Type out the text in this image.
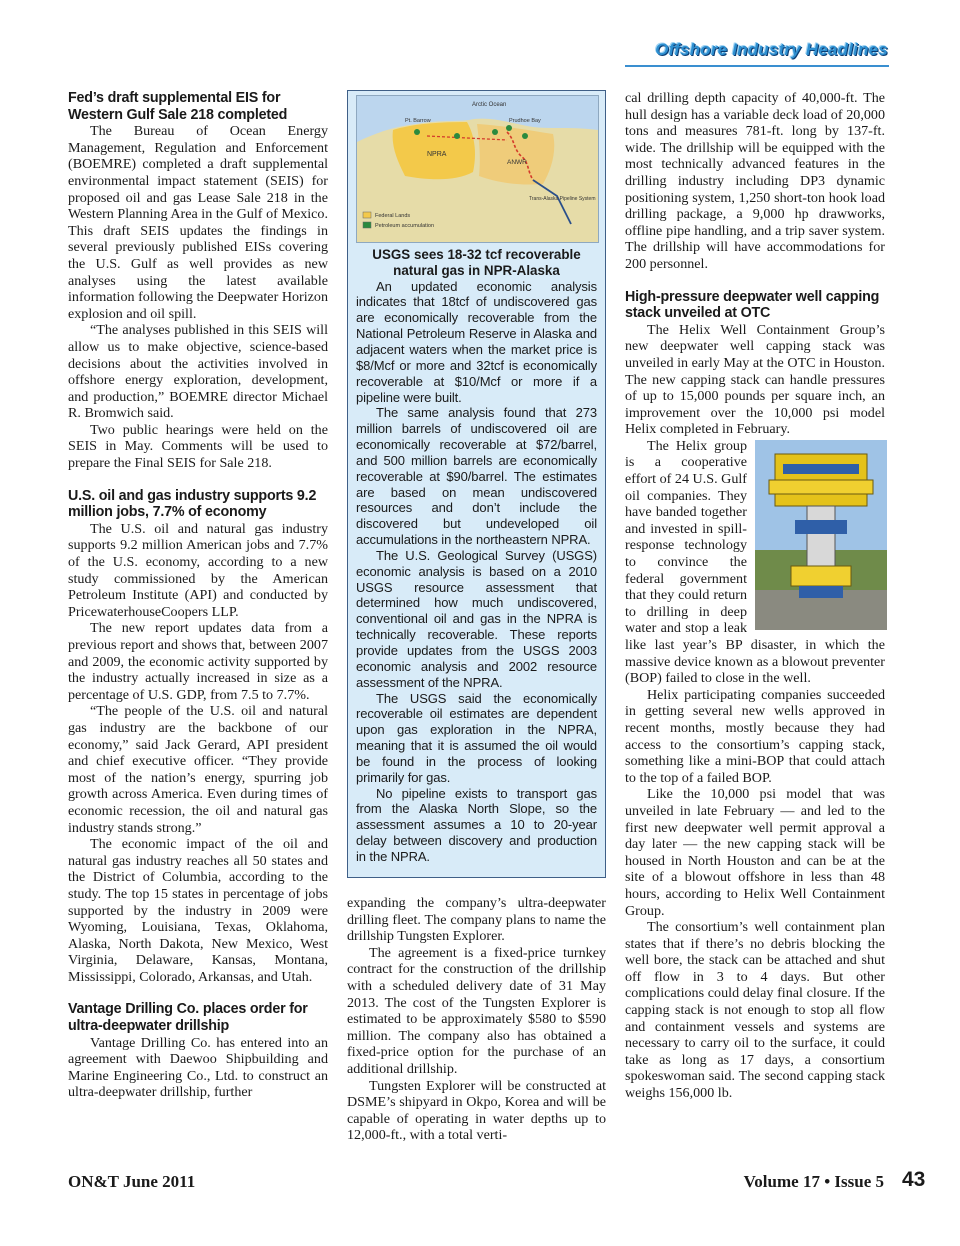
Offshore Industry Headlines
Fed’s draft supplemental EIS for Western Gulf Sale 218 completed

The Bureau of Ocean Energy Management, Regulation and Enforcement (BOEMRE) completed a draft supplemental environmental impact statement (SEIS) for proposed oil and gas Lease Sale 218 in the Western Planning Area in the Gulf of Mexico. This draft SEIS updates the findings in several previously published EISs covering the U.S. Gulf as well provides as new analyses using the latest available information following the Deepwater Horizon explosion and oil spill.

“The analyses published in this SEIS will allow us to make objective, science-based decisions about the activities involved in offshore energy exploration, development, and production,” BOEMRE director Michael R. Bromwich said.

Two public hearings were held on the SEIS in May. Comments will be used to prepare the Final SEIS for Sale 218.

U.S. oil and gas industry supports 9.2 million jobs, 7.7% of economy

The U.S. oil and natural gas industry supports 9.2 million American jobs and 7.7% of the U.S. economy, according to a new study commissioned by the American Petroleum Institute (API) and conducted by PricewaterhouseCoopers LLP.

The new report updates data from a previous report and shows that, between 2007 and 2009, the economic activity supported by the industry actually increased in size as a percentage of U.S. GDP, from 7.5 to 7.7%.

“The people of the U.S. oil and natural gas industry are the backbone of our economy,” said Jack Gerard, API president and chief executive officer. “They provide most of the nation’s energy, spurring job growth across America. Even during times of economic recession, the oil and natural gas industry stands strong.”

The economic impact of the oil and natural gas industry reaches all 50 states and the District of Columbia, according to the study. The top 15 states in percentage of jobs supported by the industry in 2009 were Wyoming, Louisiana, Texas, Oklahoma, Alaska, North Dakota, New Mexico, West Virginia, Delaware, Kansas, Montana, Mississippi, Colorado, Arkansas, and Utah.

Vantage Drilling Co. places order for ultra-deepwater drillship

Vantage Drilling Co. has entered into an agreement with Daewoo Shipbuilding and Marine Engineering Co., Ltd. to construct an ultra-deepwater drillship, further

Arctic Ocean
Pt. Barrow	Prudhoe Bay
NPRA
ANWR
Trans-Alaska Pipeline System
Federal Lands
Petroleum accumulation
USGS sees 18-32 tcf recoverable natural gas in NPR-Alaska

An updated economic analysis indicates that 18tcf of undiscovered gas are economically recoverable from the National Petroleum Reserve in Alaska and adjacent waters when the market price is $8/Mcf or more and 32tcf is economically recoverable at $10/Mcf or more if a pipeline were built.

The same analysis found that 273 million barrels of undiscovered oil are economically recoverable at $72/barrel, and 500 million barrels are economically recoverable at $90/barrel. The estimates are based on mean undiscovered resources and don’t include the discovered but undeveloped oil accumulations in the northeastern NPRA.

The U.S. Geological Survey (USGS) economic analysis is based on a 2010 USGS resource assessment that determined how much undiscovered, conventional oil and gas in the NPRA is technically recoverable. These reports provide updates from the USGS 2003 economic analysis and 2002 resource assessment of the NPRA.

The USGS said the economically recoverable oil estimates are dependent upon gas exploration in the NPRA, meaning that it is assumed the oil would be found in the process of looking primarily for gas.

No pipeline exists to transport gas from the Alaska North Slope, so the assessment assumes a 10 to 20-year delay between discovery and production in the NPRA.

expanding the company’s ultra-deepwater drilling fleet. The company plans to name the drillship Tungsten Explorer.

The agreement is a fixed-price turnkey contract for the construction of the drillship with a scheduled delivery date of 31 May 2013. The cost of the Tungsten Explorer is estimated to be approximately $580 to $590 million. The company also has obtained a fixed-price option for the purchase of an additional drillship.

Tungsten Explorer will be constructed at DSME’s shipyard in Okpo, Korea and will be capable of operating in water depths up to 12,000-ft., with a total verti-

cal drilling depth capacity of 40,000-ft. The hull design has a variable deck load of 20,000 tons and measures 781-ft. long by 137-ft. wide. The drillship will be equipped with the most technically advanced features in the drilling industry including DP3 dynamic positioning system, 1,250 short-ton hook load drilling package, a 9,000 hp drawworks, offline pipe handling, and a trip saver system. The drillship will have accommodations for 200 personnel.

High-pressure deepwater well capping stack unveiled at OTC

The Helix Well Containment Group’s new deepwater well capping stack was unveiled in early May at the OTC in Houston. The new capping stack can handle pressures of up to 15,000 pounds per square inch, an improvement over the 10,000 psi model Helix completed in February.

The Helix group is a cooperative effort of 24 U.S. Gulf oil companies. They have banded together and invested in spill-response technology to convince the federal government that they could return to drilling in deep water and stop a leak like last year’s BP disaster, in which the massive device known as a blowout preventer (BOP) failed to close in the well.

Helix participating companies succeeded in getting several new wells approved in recent months, mostly because they had access to the consortium’s capping stack, something like a mini-BOP that could attach to the top of a failed BOP.

Like the 10,000 psi model that was unveiled in late February — and led to the first new deepwater well permit approval a day later — the new capping stack will be housed in North Houston and can be at the site of a blowout offshore in less than 48 hours, according to Helix Well Containment Group.

The consortium’s well containment plan states that if there’s no debris blocking the well bore, the stack can be attached and shut off flow in 3 to 4 days. But other complications could delay final closure. If the capping stack is not enough to stop all flow and containment vessels and systems are necessary to carry oil to the surface, it could take as long as 17 days, a consortium spokeswoman said. The second capping stack weighs 156,000 lb.

ON&T June 2011	Volume 17 • Issue 5 43
